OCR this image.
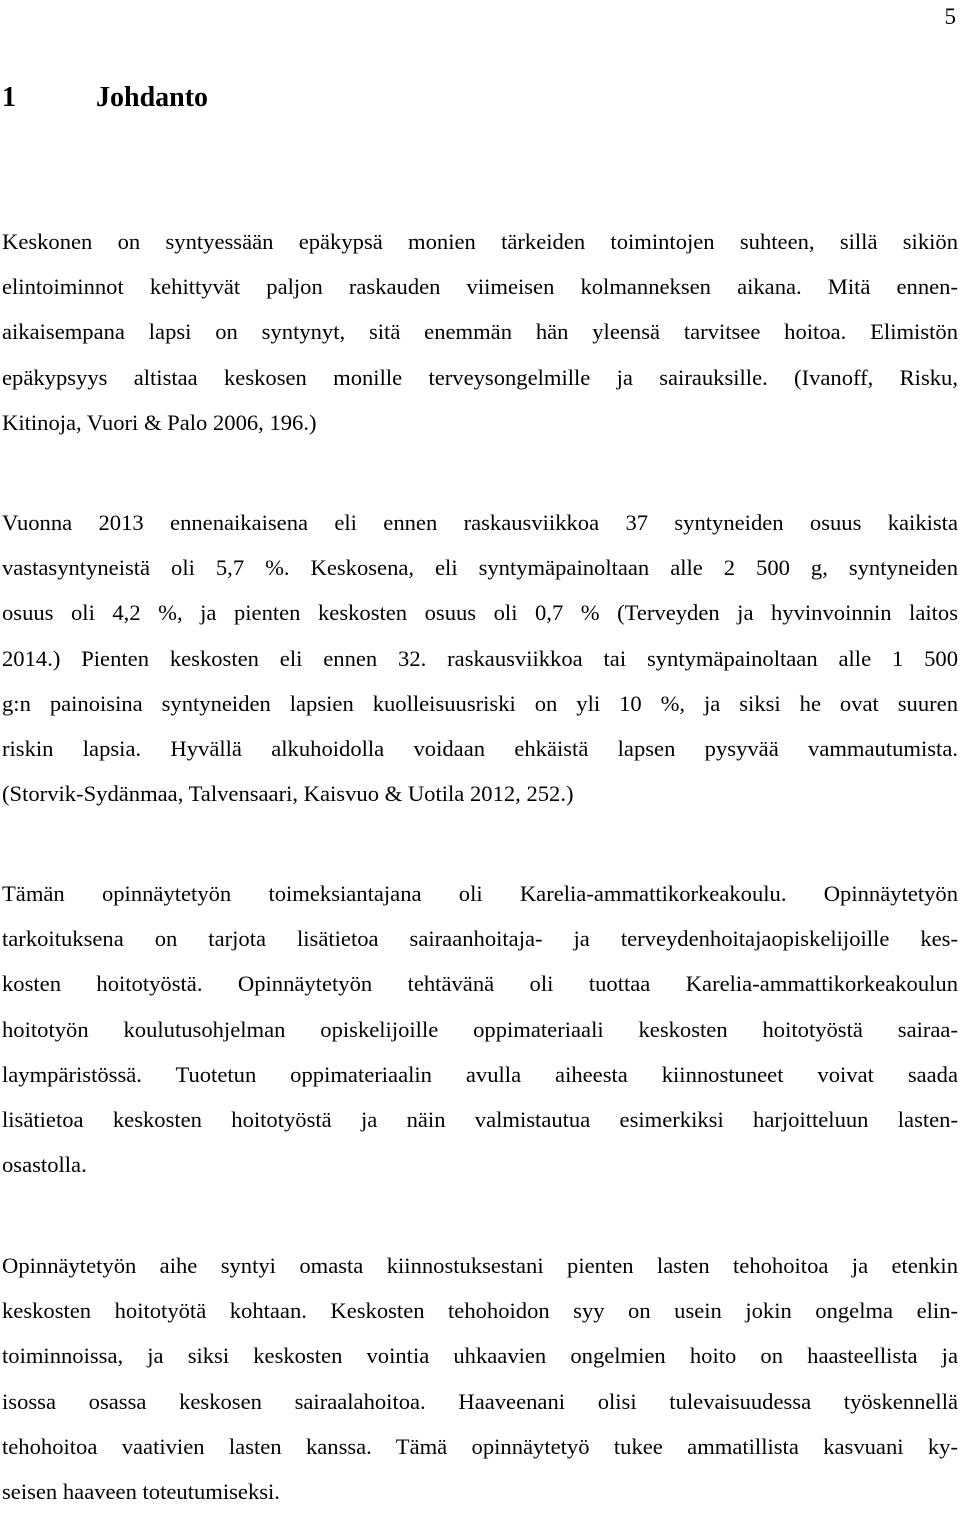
5
1	Johdanto

Keskonen on syntyessään epäkypsä monien tärkeiden toimintojen suhteen, sillä sikiön
elintoiminnot kehittyvät paljon raskauden viimeisen kolmanneksen aikana. Mitä ennen-
aikaisempana lapsi on syntynyt, sitä enemmän hän yleensä tarvitsee hoitoa. Elimistön
epäkypsyys altistaa keskosen monille terveysongelmille ja sairauksille. (Ivanoff, Risku,
Kitinoja, Vuori & Palo 2006, 196.)

Vuonna 2013 ennenaikaisena eli ennen raskausviikkoa 37 syntyneiden osuus kaikista
vastasyntyneistä oli 5,7 %. Keskosena, eli syntymäpainoltaan alle 2 500 g, syntyneiden
osuus oli 4,2 %, ja pienten keskosten osuus oli 0,7 % (Terveyden ja hyvinvoinnin laitos
2014.) Pienten keskosten eli ennen 32. raskausviikkoa tai syntymäpainoltaan alle 1 500
g:n painoisina syntyneiden lapsien kuolleisuusriski on yli 10 %, ja siksi he ovat suuren
riskin lapsia. Hyvällä alkuhoidolla voidaan ehkäistä lapsen pysyvää vammautumista.
(Storvik-Sydänmaa, Talvensaari, Kaisvuo & Uotila 2012, 252.)

Tämän opinnäytetyön toimeksiantajana oli Karelia-ammattikorkeakoulu. Opinnäytetyön
tarkoituksena on tarjota lisätietoa sairaanhoitaja- ja terveydenhoitajaopiskelijoille kes-
kosten hoitotyöstä. Opinnäytetyön tehtävänä oli tuottaa Karelia-ammattikorkeakoulun
hoitotyön koulutusohjelman opiskelijoille oppimateriaali keskosten hoitotyöstä sairaa-
laympäristössä. Tuotetun oppimateriaalin avulla aiheesta kiinnostuneet voivat saada
lisätietoa keskosten hoitotyöstä ja näin valmistautua esimerkiksi harjoitteluun lasten-
osastolla.

Opinnäytetyön aihe syntyi omasta kiinnostuksestani pienten lasten tehohoitoa ja etenkin
keskosten hoitotyötä kohtaan. Keskosten tehohoidon syy on usein jokin ongelma elin-
toiminnoissa, ja siksi keskosten vointia uhkaavien ongelmien hoito on haasteellista ja
isossa osassa keskosen sairaalahoitoa. Haaveenani olisi tulevaisuudessa työskennellä
tehohoitoa vaativien lasten kanssa. Tämä opinnäytetyö tukee ammatillista kasvuani ky-
seisen haaveen toteutumiseksi.
